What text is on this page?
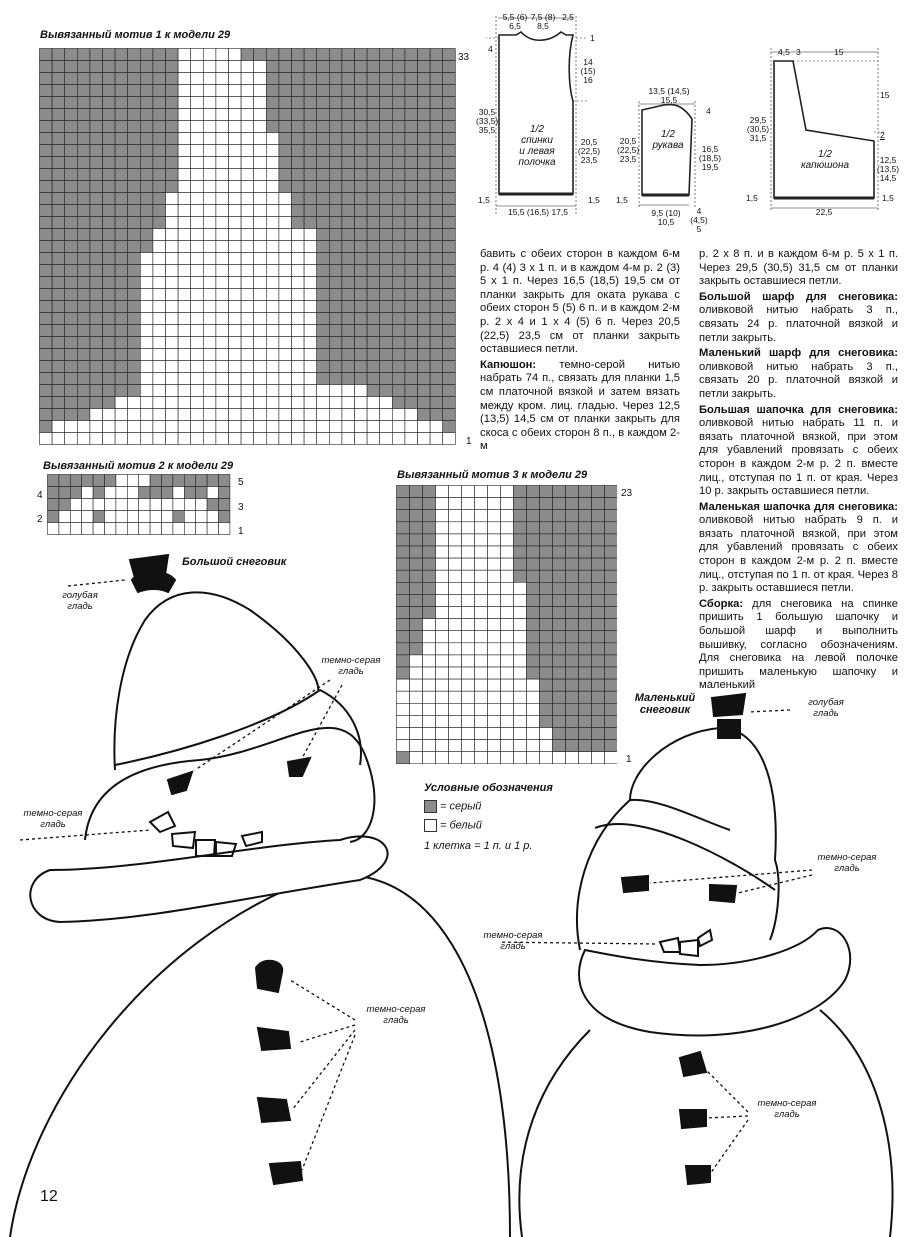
Вывязанный мотив 1 к модели 29
33
1
Вывязанный мотив 2 к модели 29
5
3
1
4
2
Вывязанный мотив 3 к модели 29
23
1
Условные обозначения
= серый
= белый
1 клетка = 1 п. и 1 р.
5,5 (6)
6,5
7,5 (8)
8,5
2,5
1
4
30,5
(33,5)
35,5
14
(15)
16
20,5
(22,5)
23,5
1/2
спинки
и левая
полочка
1,5	1,5
15,5 (16,5) 17,5
13,5 (14,5)
15,5
4
20,5
(22,5)
23,5
16,5
(18,5)
19,5
1/2
рукава
1,5
9,5 (10)
10,5
4
(4,5)
5
4,5 3	15
15
2
29,5
(30,5)
31,5
12,5
(13,5)
14,5
1/2
капюшона
1,5	1,5
22,5

бавить с обеих сторон в каждом 6-м р. 4 (4) 3 х 1 п. и в каждом 4-м р. 2 (3) 5 х 1 п. Через 16,5 (18,5) 19,5 см от планки закрыть для оката рукава с обеих сторон 5 (5) 6 п. и в каждом 2-м р. 2 х 4 и 1 х 4 (5) 6 п. Через 20,5 (22,5) 23,5 см от планки закрыть оставшиеся петли.

Капюшон: темно-серой нитью набрать 74 п., связать для планки 1,5 см платочной вязкой и затем вязать между кром. лиц. гладью. Через 12,5 (13,5) 14,5 см от планки закрыть для скоса с обеих сторон 8 п., в каждом 2-м

р. 2 х 8 п. и в каждом 6-м р. 5 х 1 п. Через 29,5 (30,5) 31,5 см от планки закрыть оставшиеся петли.

Большой шарф для снеговика: оливковой нитью набрать 3 п., связать 24 р. платочной вязкой и петли закрыть.

Маленький шарф для снеговика: оливковой нитью набрать 3 п., связать 20 р. платочной вязкой и петли закрыть.

Большая шапочка для снеговика: оливковой нитью набрать 11 п. и вязать платочной вязкой, при этом для убавлений провязать с обеих сторон в каждом 2-м р. 2 п. вместе лиц., отступая по 1 п. от края. Через 10 р. закрыть оставшиеся петли.

Маленькая шапочка для снеговика: оливковой нитью набрать 9 п. и вязать платочной вязкой, при этом для убавлений провязать с обеих сторон в каждом 2-м р. 2 п. вместе лиц., отступая по 1 п. от края. Через 8 р. закрыть оставшиеся петли.

Сборка: для снеговика на спинке пришить 1 большую шапочку и большой шарф и выполнить вышивку, согласно обозначениям. Для снеговика на левой полочке пришить маленькую шапочку и маленький

Большой снеговик
голубая
гладь
темно-серая
гладь
темно-серая
гладь
темно-серая
гладь
Маленький
снеговик
голубая
гладь
темно-серая
гладь
темно-серая
гладь
темно-серая
гладь
12
